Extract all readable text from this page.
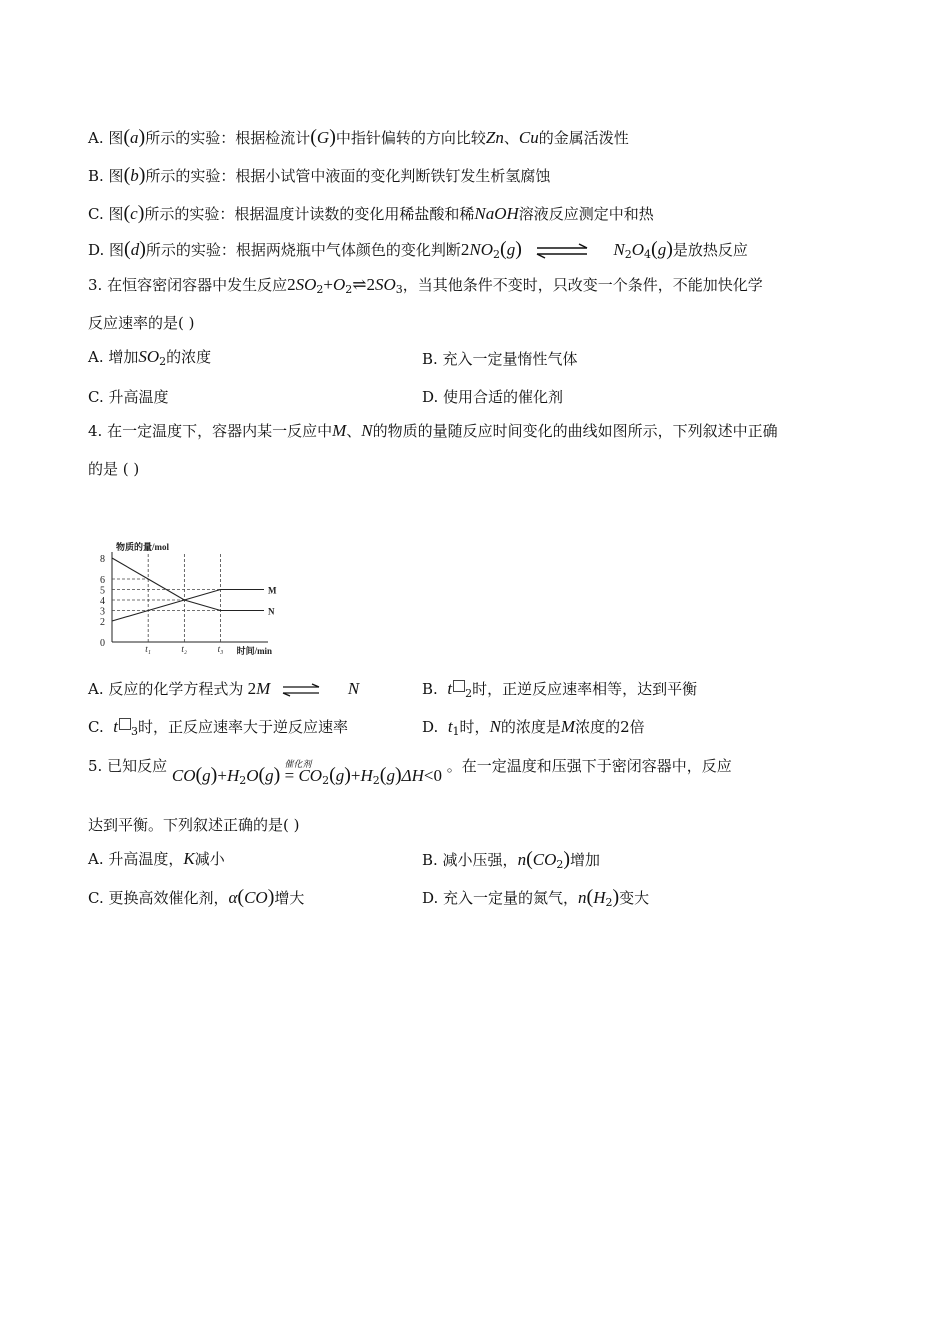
A. 图(a)所示的实验：根据检流计(G)中指针偏转的方向比较Zn、Cu的金属活泼性
B. 图(b)所示的实验：根据小试管中液面的变化判断铁钉发生析氢腐蚀
C. 图(c)所示的实验：根据温度计读数的变化用稀盐酸和稀NaOH溶液反应测定中和热
D. 图(d)所示的实验：根据两烧瓶中气体颜色的变化判断$2NO_2(g)$	$N_2O_4(g)$是放热反应
3. 在恒容密闭容器中发生反应$2SO_2+O_2\rightleftharpoons 2SO_3$，当其他条件不变时，只改变一个条件，不能加快化学
反应速率的是( )
A. 增加$SO_2$的浓度	B. 充入一定量惰性气体
C. 升高温度	D. 使用合适的催化剂
4. 在一定温度下，容器内某一反应中M、N的物质的量随反应时间变化的曲线如图所示，下列叙述中正确
的是 ( )
0
2
3
4
5
6
8
t₁	t₂	t₃
M
N
物质的量/mol
时间/min
A. 反应的化学方程式为 2M ⇌ N	B. t $_2$时，正逆反应速率相等，达到平衡
C. t $_3$时，正反应速率大于逆反应速率	D. $t_1$时，N的浓度是M浓度的2倍
5. 已知反应 $CO(g)+H_2O(g)$ 催化剂
= $CO_2(g)+H_2(g)\Delta H<0$ 。在一定温度和压强下于密闭容器中，反应
达到平衡。下列叙述正确的是( )
A. 升高温度，K减小	B. 减小压强，$n(CO_2)$增加
C. 更换高效催化剂，α(CO)增大	D. 充入一定量的氮气，$n(H_2)$变大
